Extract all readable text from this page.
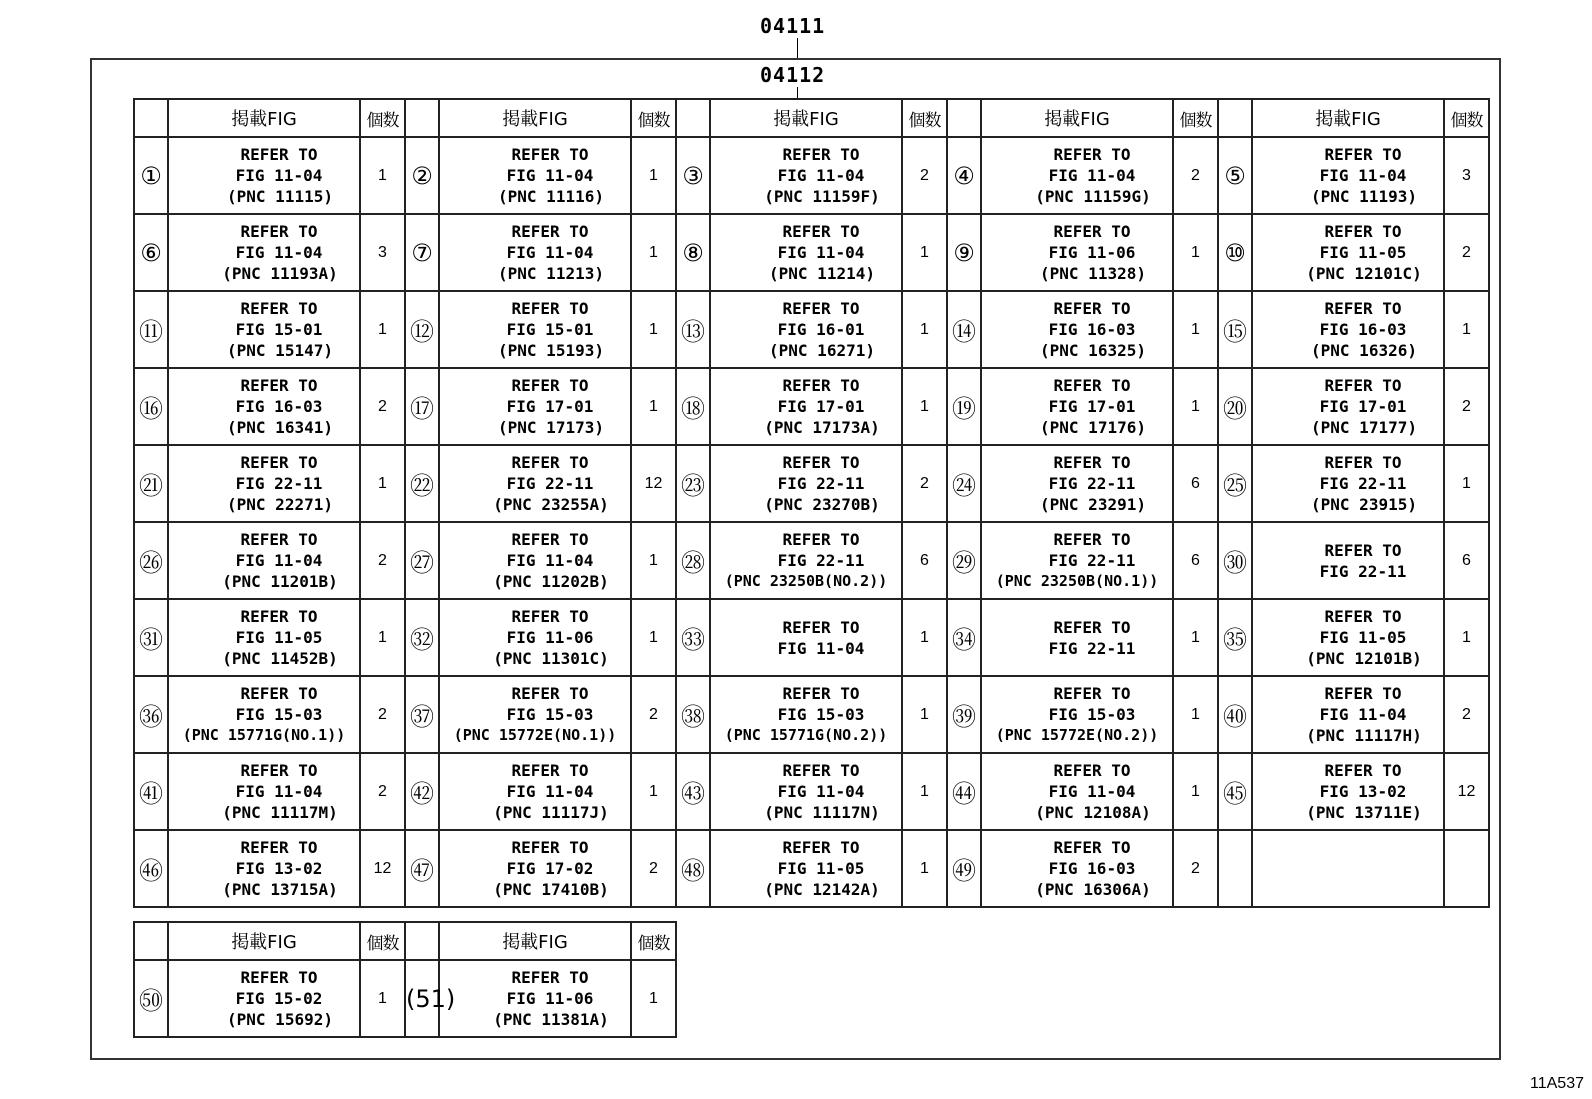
04111
04112
	掲載FIG	個数		掲載FIG	個数		掲載FIG	個数		掲載FIG	個数		掲載FIG	個数
①	REFER TO
FIG 11-04
(PNC 11115)	1	②	REFER TO
FIG 11-04
(PNC 11116)	1	③	REFER TO
FIG 11-04
(PNC 11159F)	2	④	REFER TO
FIG 11-04
(PNC 11159G)	2	⑤	REFER TO
FIG 11-04
(PNC 11193)	3
⑥	REFER TO
FIG 11-04
(PNC 11193A)	3	⑦	REFER TO
FIG 11-04
(PNC 11213)	1	⑧	REFER TO
FIG 11-04
(PNC 11214)	1	⑨	REFER TO
FIG 11-06
(PNC 11328)	1	⑩	REFER TO
FIG 11-05
(PNC 12101C)	2
⑪	REFER TO
FIG 15-01
(PNC 15147)	1	⑫	REFER TO
FIG 15-01
(PNC 15193)	1	⑬	REFER TO
FIG 16-01
(PNC 16271)	1	⑭	REFER TO
FIG 16-03
(PNC 16325)	1	⑮	REFER TO
FIG 16-03
(PNC 16326)	1
⑯	REFER TO
FIG 16-03
(PNC 16341)	2	⑰	REFER TO
FIG 17-01
(PNC 17173)	1	⑱	REFER TO
FIG 17-01
(PNC 17173A)	1	⑲	REFER TO
FIG 17-01
(PNC 17176)	1	⑳	REFER TO
FIG 17-01
(PNC 17177)	2
㉑	REFER TO
FIG 22-11
(PNC 22271)	1	㉒	REFER TO
FIG 22-11
(PNC 23255A)	12	㉓	REFER TO
FIG 22-11
(PNC 23270B)	2	㉔	REFER TO
FIG 22-11
(PNC 23291)	6	㉕	REFER TO
FIG 22-11
(PNC 23915)	1
㉖	REFER TO
FIG 11-04
(PNC 11201B)	2	㉗	REFER TO
FIG 11-04
(PNC 11202B)	1	㉘	REFER TO
FIG 22-11
(PNC 23250B(NO.2))	6	㉙	REFER TO
FIG 22-11
(PNC 23250B(NO.1))	6	㉚	REFER TO
FIG 22-11	6
㉛	REFER TO
FIG 11-05
(PNC 11452B)	1	㉜	REFER TO
FIG 11-06
(PNC 11301C)	1	㉝	REFER TO
FIG 11-04	1	㉞	REFER TO
FIG 22-11	1	㉟	REFER TO
FIG 11-05
(PNC 12101B)	1
㊱	REFER TO
FIG 15-03
(PNC 15771G(NO.1))	2	㊲	REFER TO
FIG 15-03
(PNC 15772E(NO.1))	2	㊳	REFER TO
FIG 15-03
(PNC 15771G(NO.2))	1	㊴	REFER TO
FIG 15-03
(PNC 15772E(NO.2))	1	㊵	REFER TO
FIG 11-04
(PNC 11117H)	2
㊶	REFER TO
FIG 11-04
(PNC 11117M)	2	㊷	REFER TO
FIG 11-04
(PNC 11117J)	1	㊸	REFER TO
FIG 11-04
(PNC 11117N)	1	㊹	REFER TO
FIG 11-04
(PNC 12108A)	1	㊺	REFER TO
FIG 13-02
(PNC 13711E)	12
㊻	REFER TO
FIG 13-02
(PNC 13715A)	12	㊼	REFER TO
FIG 17-02
(PNC 17410B)	2	㊽	REFER TO
FIG 11-05
(PNC 12142A)	1	㊾	REFER TO
FIG 16-03
(PNC 16306A)	2		

	掲載FIG	個数		掲載FIG	個数
㊿	REFER TO
FIG 15-02
(PNC 15692)	1	(51)	REFER TO
FIG 11-06
(PNC 11381A)	1
11A537
